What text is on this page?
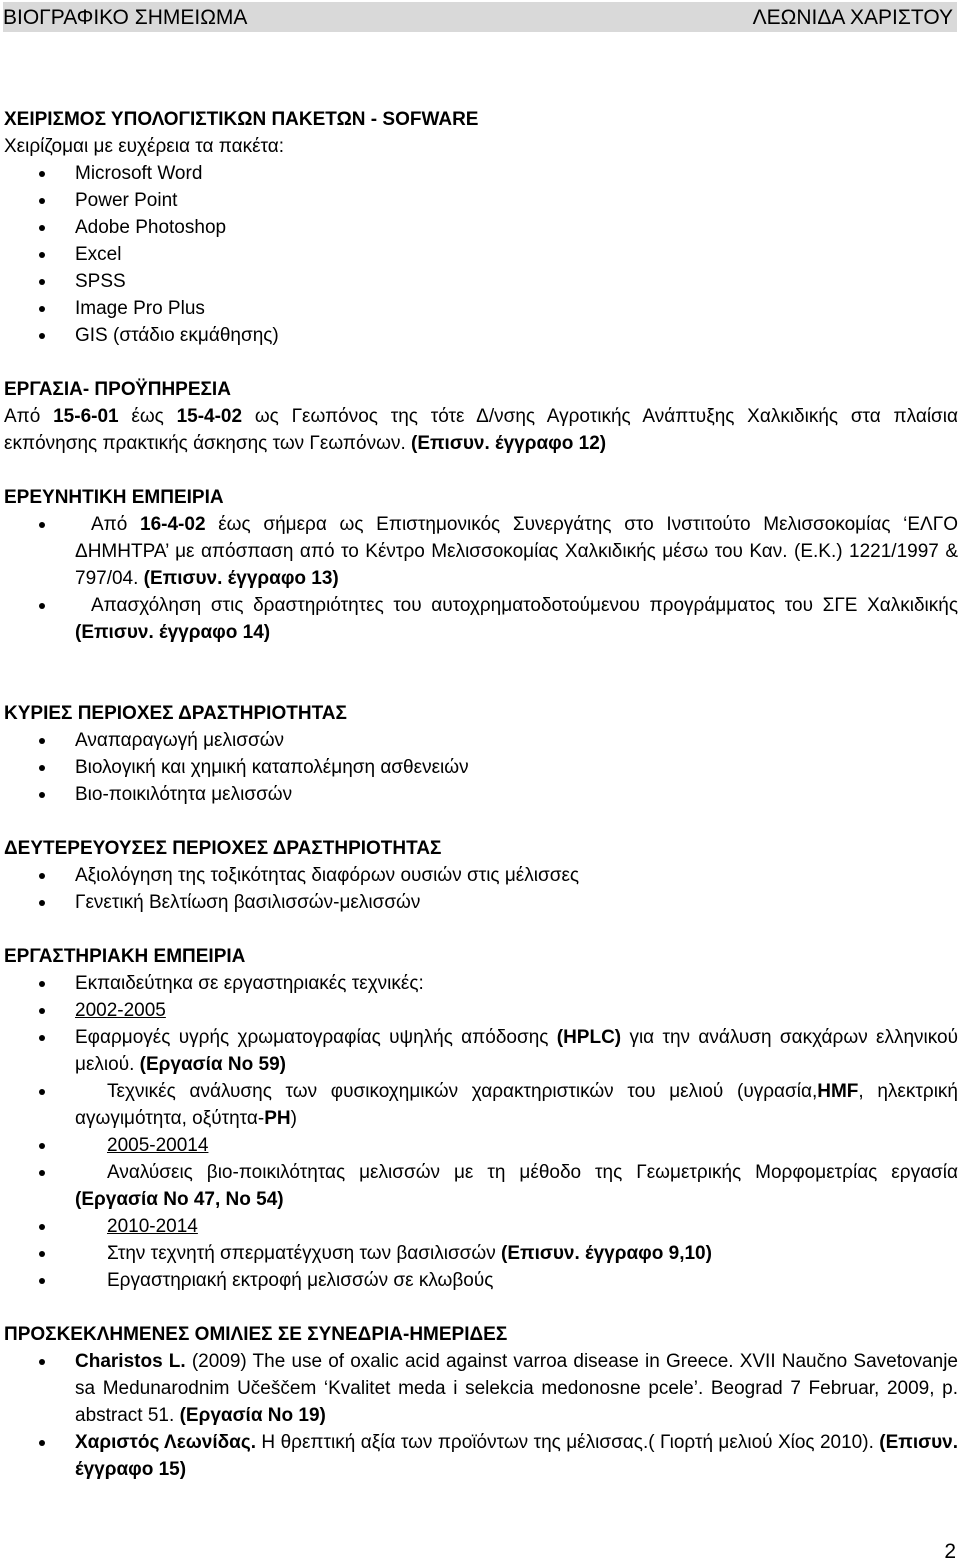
ΒΙΟΓΡΑΦΙΚΟ ΣΗΜΕΙΩΜΑ	ΛΕΩΝΙΔΑ ΧΑΡΙΣΤΟΥ

ΧΕΙΡΙΣΜΟΣ ΥΠΟΛΟΓΙΣΤΙΚΩΝ ΠΑΚΕΤΩΝ - SOFWARE

Χειρίζομαι με ευχέρεια τα πακέτα:

Microsoft Word
Power Point
Adobe Photoshop
Excel
SPSS
Image Pro Plus
GIS (στάδιο εκμάθησης)

ΕΡΓΑΣΙΑ- ΠΡΟΫΠΗΡΕΣΙΑ

Από 15-6-01 έως 15-4-02 ως Γεωπόνος της τότε Δ/νσης Αγροτικής Ανάπτυξης Χαλκιδικής στα πλαίσια εκπόνησης πρακτικής άσκησης των Γεωπόνων. (Επισυν. έγγραφο 12)

ΕΡΕΥΝΗΤΙΚΗ ΕΜΠΕΙΡΙΑ

Από 16-4-02 έως σήμερα ως Επιστημονικός Συνεργάτης στο Ινστιτούτο Μελισσοκομίας ‘ΕΛΓΟ ΔΗΜΗΤΡΑ’ με απόσπαση από το Κέντρο Μελισσοκομίας Χαλκιδικής μέσω του Καν. (Ε.Κ.) 1221/1997 & 797/04. (Επισυν. έγγραφο 13)
Απασχόληση στις δραστηριότητες του αυτοχρηματοδοτούμενου προγράμματος του ΣΓΕ Χαλκιδικής (Επισυν. έγγραφο 14)

ΚΥΡΙΕΣ ΠΕΡΙΟΧΕΣ ΔΡΑΣΤΗΡΙΟΤΗΤΑΣ

Αναπαραγωγή μελισσών
Βιολογική και χημική καταπολέμηση ασθενειών
Βιο-ποικιλότητα μελισσών

ΔΕΥΤΕΡΕΥΟΥΣΕΣ ΠΕΡΙΟΧΕΣ ΔΡΑΣΤΗΡΙΟΤΗΤΑΣ

Αξιολόγηση της τοξικότητας διαφόρων ουσιών στις μέλισσες
Γενετική Βελτίωση βασιλισσών-μελισσών

ΕΡΓΑΣΤΗΡΙΑΚΗ ΕΜΠΕΙΡΙΑ

Εκπαιδεύτηκα σε εργαστηριακές τεχνικές:
2002-2005
Εφαρμογές υγρής χρωματογραφίας υψηλής απόδοσης (HPLC) για την ανάλυση σακχάρων ελληνικού μελιού. (Εργασία Νο 59)
Τεχνικές ανάλυσης των φυσικοχημικών χαρακτηριστικών του μελιού (υγρασία,HMF, ηλεκτρική αγωγιμότητα, οξύτητα-PH)
2005-20014
Αναλύσεις βιο-ποικιλότητας μελισσών με τη μέθοδο της Γεωμετρικής Μορφομετρίας εργασία (Εργασία Νο 47, Νο 54)
2010-2014
Στην τεχνητή σπερματέγχυση των βασιλισσών (Επισυν. έγγραφο 9,10)
Εργαστηριακή εκτροφή μελισσών σε κλωβούς

ΠΡΟΣΚΕΚΛΗΜΕΝΕΣ ΟΜΙΛΙΕΣ ΣΕ ΣΥΝΕΔΡΙΑ-ΗΜΕΡΙΔΕΣ

Charistos L. (2009) The use of oxalic acid against varroa disease in Greece. XVII Naučno Savetovanje sa Medunarodnim Učeščem ‘Kvalitet meda i selekcia medonosne pcele’. Beograd 7 Februar, 2009, p. abstract 51. (Εργασία Νο 19)
Χαριστός Λεωνίδας. Η θρεπτική αξία των προϊόντων της μέλισσας.( Γιορτή μελιού Χίος 2010). (Επισυν. έγγραφο 15)
2
